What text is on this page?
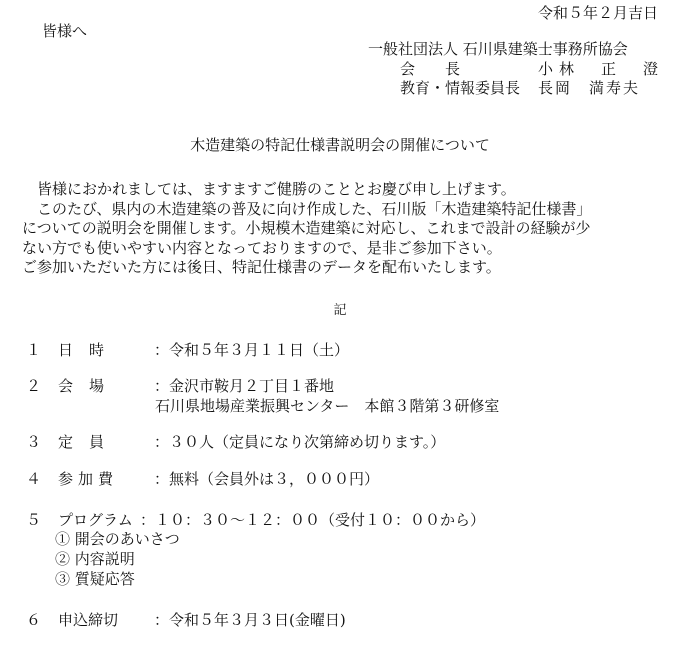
令和５年２月吉日
皆様へ
一般社団法人 石川県建築士事務所協会
会　　長	小林　正　澄
教育・情報委員長 長岡　満寿夫
木造建築の特記仕様書説明会の開催について
　皆様におかれましては、ますますご健勝のこととお慶び申し上げます。
　このたび、県内の木造建築の普及に向け作成した、石川版「木造建築特記仕様書」
についての説明会を開催します。小規模木造建築に対応し、これまで設計の経験が少
ない方でも使いやすい内容となっておりますので、是非ご参加下さい。
ご参加いただいた方には後日、特記仕様書のデータを配布いたします。
記
１ 日時 ：令和５年３月１１日（土）
２ 会場 ：金沢市鞍月２丁目１番地
石川県地場産業振興センター　本館３階第３研修室
３ 定員 ：３０人（定員になり次第締め切ります。）
４ 参加費 ：無料（会員外は３，０００円）
５ プログラム ：１０：３０～１２：００（受付１０：００から）
① 開会のあいさつ
② 内容説明
③ 質疑応答
６ 申込締切 ：令和５年３月３日(金曜日)
